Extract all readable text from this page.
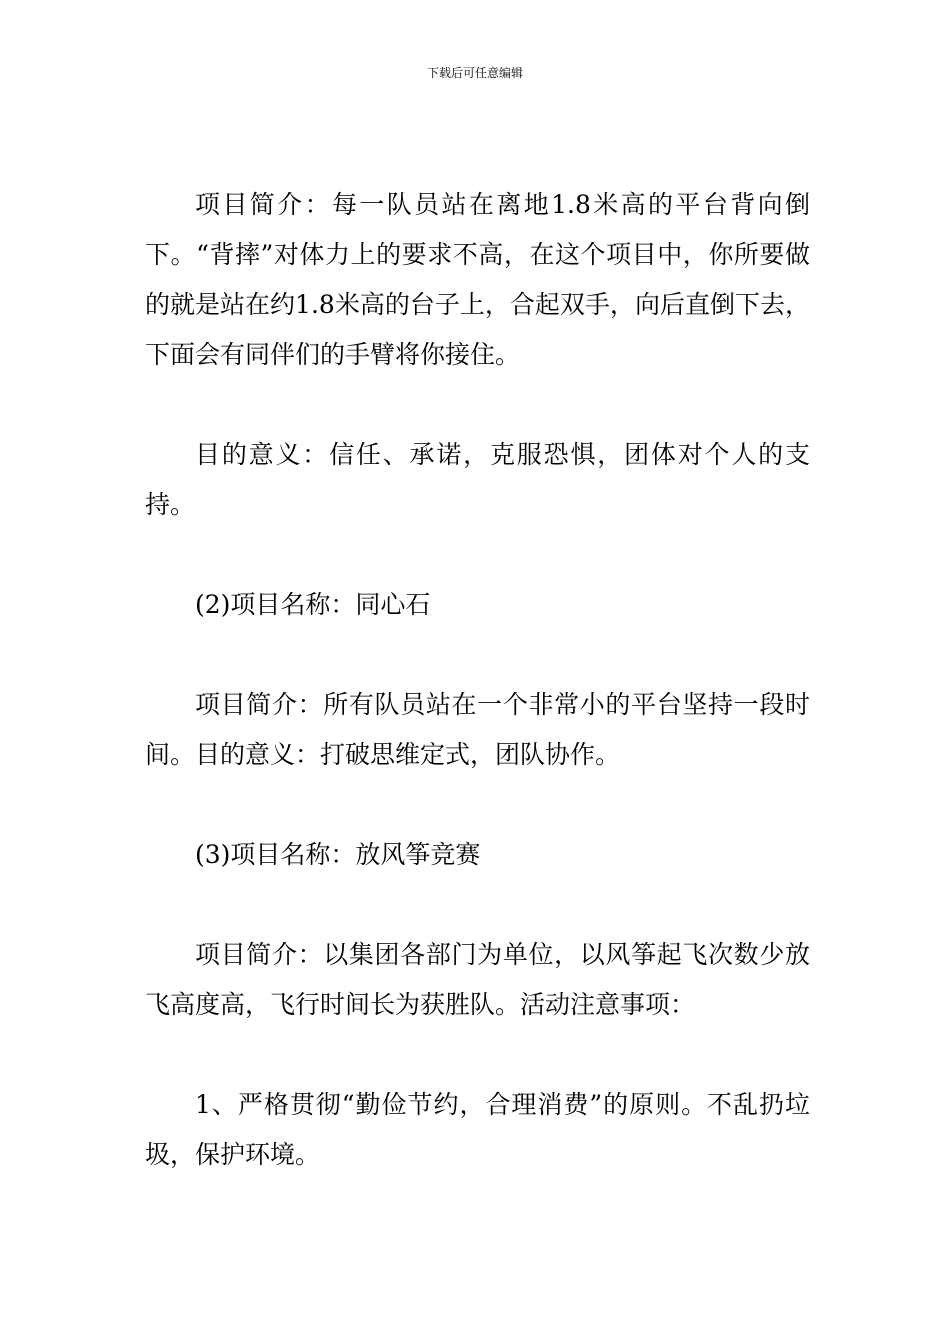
下载后可任意编辑

项目简介：每一队员站在离地1.8米高的平台背向倒下。“背摔”对体力上的要求不高，在这个项目中，你所要做的就是站在约1.8米高的台子上，合起双手，向后直倒下去，下面会有同伴们的手臂将你接住。

目的意义：信任、承诺，克服恐惧，团体对个人的支持。

(2)项目名称：同心石

项目简介：所有队员站在一个非常小的平台坚持一段时间。目的意义：打破思维定式，团队协作。

(3)项目名称：放风筝竞赛

项目简介：以集团各部门为单位，以风筝起飞次数少放飞高度高，飞行时间长为获胜队。活动注意事项：

1、严格贯彻“勤俭节约，合理消费”的原则。不乱扔垃圾，保护环境。
